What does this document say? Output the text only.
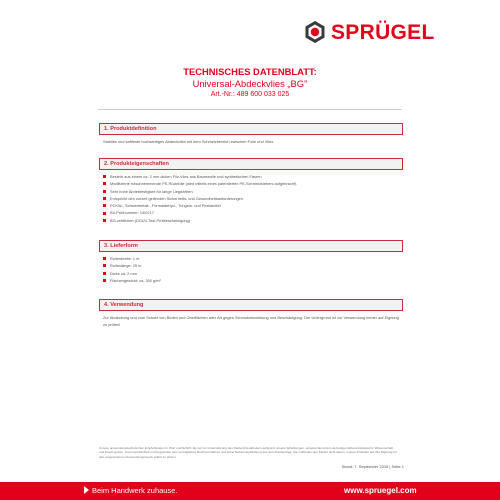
SPRÜGEL
TECHNISCHES DATENBLATT:
Universal-Abdeckvlies „BG"
Art.-Nr.: 489 600 033 025
1. Produktdefinition
Stabiles und saftfeste hochwertiges Abdeckvlies mit dem Schmelzbereich zwischen Folie und Vlies.
2. Produkteigenschaften
Besteht aus einem ca. 2 mm dicken Filz-Vlies aus Baumwolle und synthetischen Fasern
Modifizierte rutschhemmende PE-Rückfolie (wird mittels eines patentierten PE-Schmelzklebers aufgebracht)
Sehr hohe Abriebfestigkeit für lange Liegezeiten
Entspricht den zurzeit geltenden Sicherheits- und Gesundheitsanforderungen
PCKW-, Schwermetall-, Formaldehyd-, Tungsto- und Pestizidfrei
BV-Prüfnummer: 14/0217
BG-zertifiziert (DGUV-Test Prüfbescheinigung)
3. Lieferform
Rollenbreite: 1 m
Rollenlänge: 25 m
Dicke ca. 2 mm
Flächengewicht: ca. 300 g/m²
4. Verwendung
Zur Abdeckung und zum Schutz von Böden und Oberflächen aller Art gegen Schmutzeinwirkung und Beschädigung. Der Untergrund ist vor Verwendung immer auf Eignung zu prüfen!
Unsere anwendungstechnischen Empfehlungen in Wort und Schrift, die wir zur Unterstützung des Käufers/Verarbeiters aufgrund unserer Erfahrungen, entsprechend dem derzeitigen Erkenntnisstand in Wissenschaft und Praxis geben, sind unverbindlich und begründen kein vertragliches Rechtsverhältnis und keine Nebenverpflichtung aus dem Kaufvertrag. Sie entbinden den Käufer nicht davon, unsere Produkte auf ihre Eignung für den vorgesehenen Verwendungszweck selbst zu prüfen.
Stand: 7. September 2016 | Seite 1
Beim Handwerk zuhause.	www.spruegel.com
